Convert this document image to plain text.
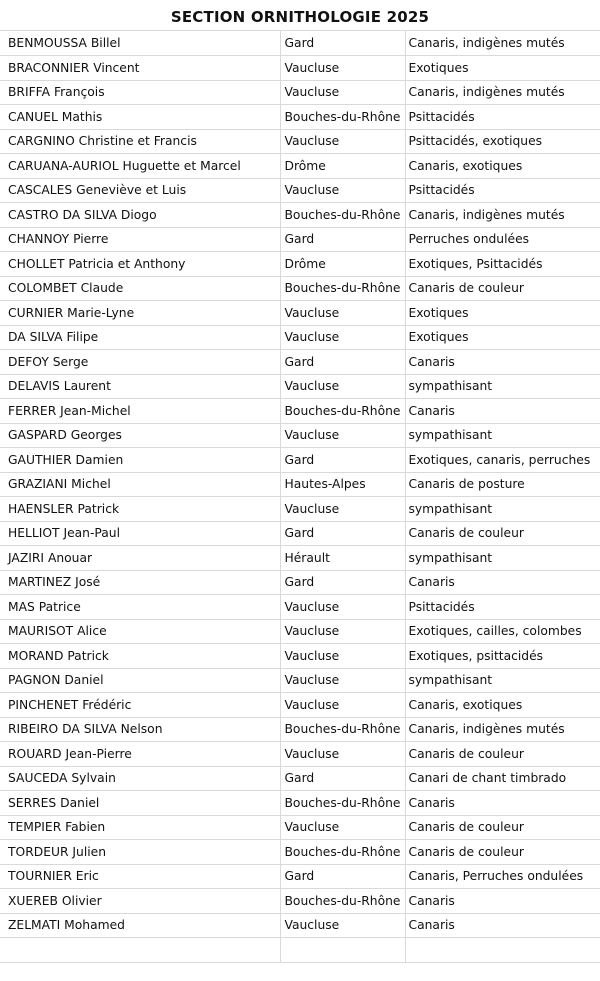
SECTION ORNITHOLOGIE 2025
BENMOUSSA Billel	Gard	Canaris, indigènes mutés
BRACONNIER Vincent	Vaucluse	Exotiques
BRIFFA François	Vaucluse	Canaris, indigènes mutés
CANUEL Mathis	Bouches-du-Rhône	Psittacidés
CARGNINO Christine et Francis	Vaucluse	Psittacidés, exotiques
CARUANA-AURIOL Huguette et Marcel	Drôme	Canaris, exotiques
CASCALES Geneviève et Luis	Vaucluse	Psittacidés
CASTRO DA SILVA Diogo	Bouches-du-Rhône	Canaris, indigènes mutés
CHANNOY Pierre	Gard	Perruches ondulées
CHOLLET Patricia et Anthony	Drôme	Exotiques, Psittacidés
COLOMBET Claude	Bouches-du-Rhône	Canaris de couleur
CURNIER Marie-Lyne	Vaucluse	Exotiques
DA SILVA Filipe	Vaucluse	Exotiques
DEFOY Serge	Gard	Canaris
DELAVIS Laurent	Vaucluse	sympathisant
FERRER Jean-Michel	Bouches-du-Rhône	Canaris
GASPARD Georges	Vaucluse	sympathisant
GAUTHIER Damien	Gard	Exotiques, canaris, perruches
GRAZIANI Michel	Hautes-Alpes	Canaris de posture
HAENSLER Patrick	Vaucluse	sympathisant
HELLIOT Jean-Paul	Gard	Canaris de couleur
JAZIRI Anouar	Hérault	sympathisant
MARTINEZ José	Gard	Canaris
MAS Patrice	Vaucluse	Psittacidés
MAURISOT Alice	Vaucluse	Exotiques, cailles, colombes
MORAND Patrick	Vaucluse	Exotiques, psittacidés
PAGNON Daniel	Vaucluse	sympathisant
PINCHENET Frédéric	Vaucluse	Canaris, exotiques
RIBEIRO DA SILVA Nelson	Bouches-du-Rhône	Canaris, indigènes mutés
ROUARD Jean-Pierre	Vaucluse	Canaris de couleur
SAUCEDA Sylvain	Gard	Canari de chant timbrado
SERRES Daniel	Bouches-du-Rhône	Canaris
TEMPIER Fabien	Vaucluse	Canaris de couleur
TORDEUR Julien	Bouches-du-Rhône	Canaris de couleur
TOURNIER Eric	Gard	Canaris, Perruches ondulées
XUEREB Olivier	Bouches-du-Rhône	Canaris
ZELMATI Mohamed	Vaucluse	Canaris
